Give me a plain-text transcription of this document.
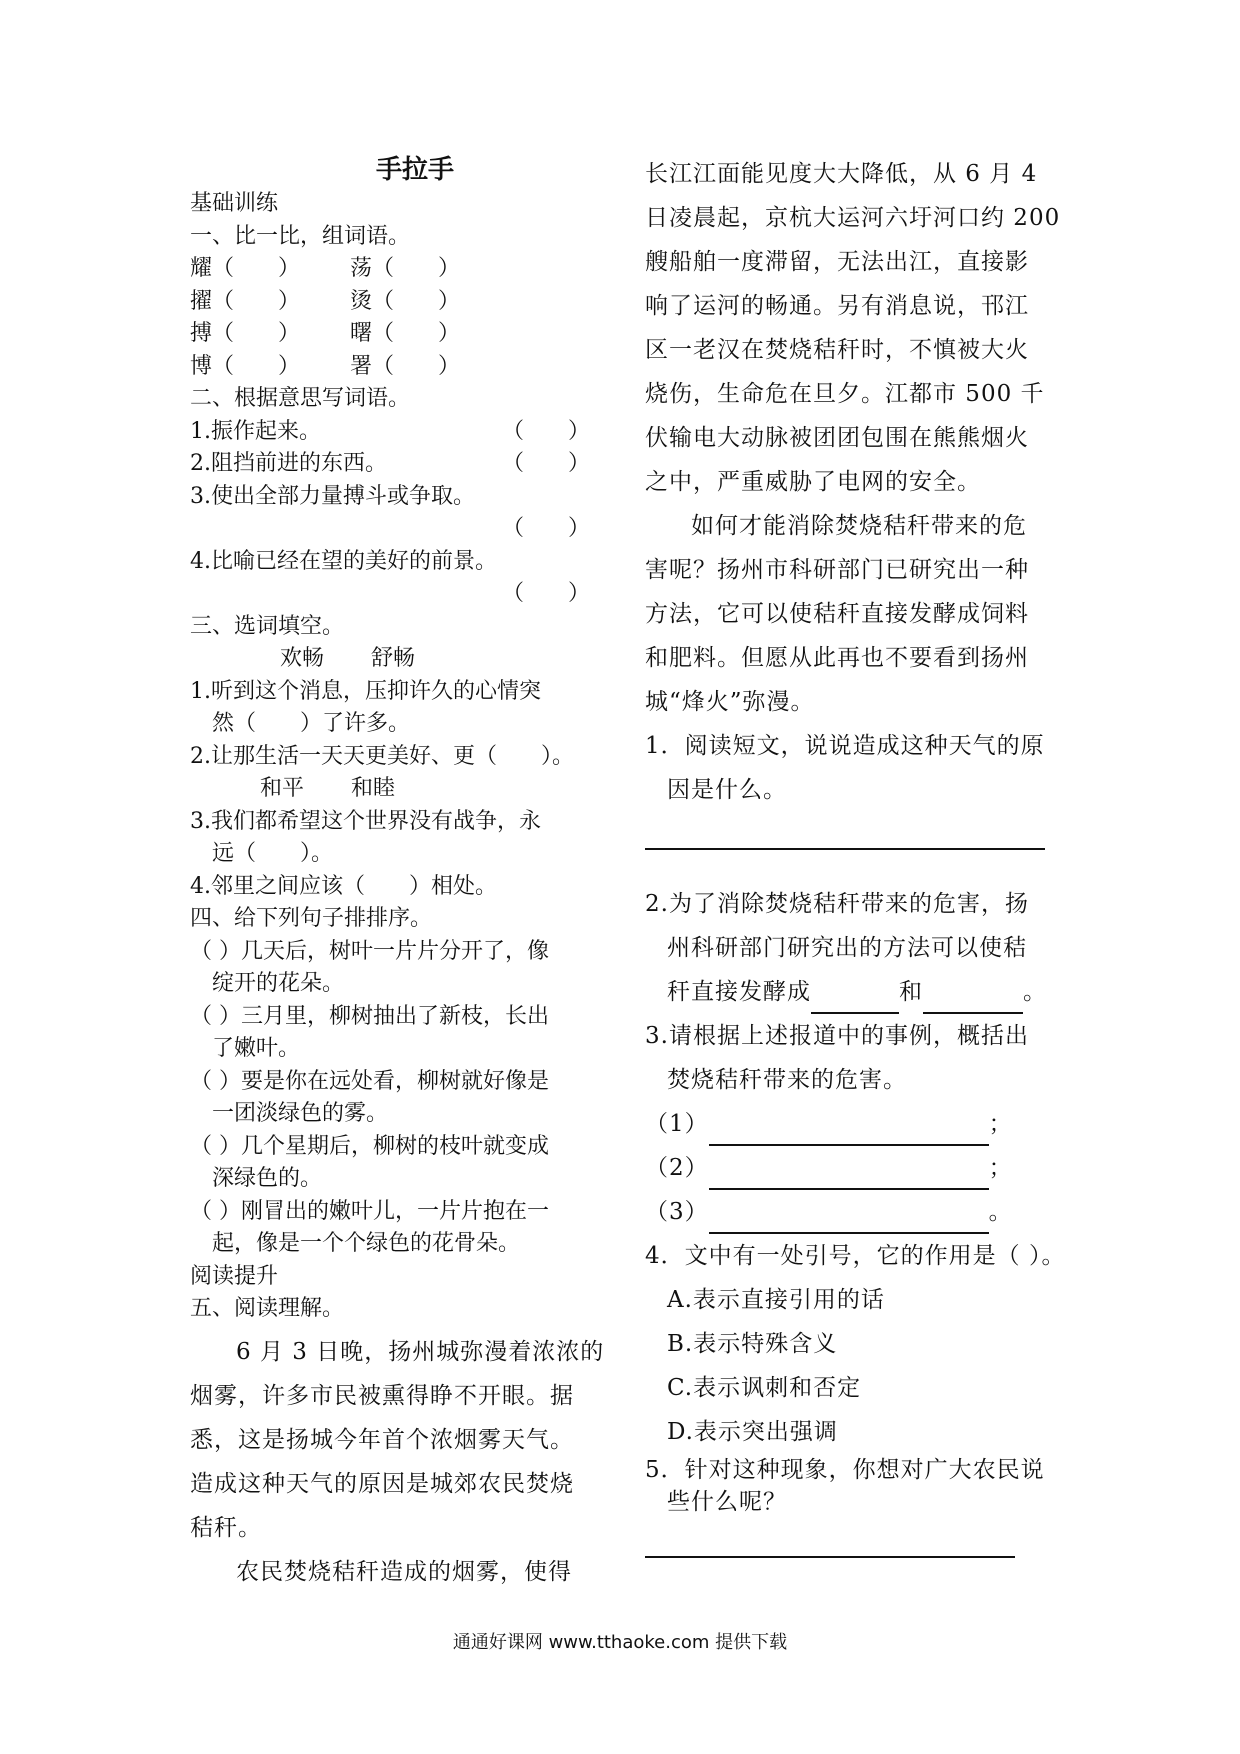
手拉手
基础训练
一、比一比，组词语。
耀（　　）	荡（　　）
擢（　　）	烫（　　）
搏（　　）	曙（　　）
博（　　）	署（　　）
二、根据意思写词语。
1.振作起来。	（　　）
2.阻挡前进的东西。	（　　）
3.使出全部力量搏斗或争取。
（　　）
4.比喻已经在望的美好的前景。
（　　）
三、选词填空。
欢畅 舒畅
1.听到这个消息，压抑许久的心情突
然（　　）了许多。
2.让那生活一天天更美好、更（　　）。
和平 和睦
3.我们都希望这个世界没有战争，永
远（　　）。
4.邻里之间应该（　　）相处。
四、给下列句子排排序。
（ ）几天后，树叶一片片分开了，像
绽开的花朵。
（ ）三月里，柳树抽出了新枝，长出
了嫩叶。
（ ）要是你在远处看，柳树就好像是
一团淡绿色的雾。
（ ）几个星期后，柳树的枝叶就变成
深绿色的。
（ ）刚冒出的嫩叶儿，一片片抱在一
起，像是一个个绿色的花骨朵。
阅读提升
五、阅读理解。
6 月 3 日晚，扬州城弥漫着浓浓的
烟雾，许多市民被熏得睁不开眼。据
悉，这是扬城今年首个浓烟雾天气。
造成这种天气的原因是城郊农民焚烧
秸秆。
农民焚烧秸秆造成的烟雾，使得
长江江面能见度大大降低，从 6 月 4
日凌晨起，京杭大运河六圩河口约 200
艘船舶一度滞留，无法出江，直接影
响了运河的畅通。另有消息说，邗江
区一老汉在焚烧秸秆时，不慎被大火
烧伤，生命危在旦夕。江都市 500 千
伏输电大动脉被团团包围在熊熊烟火
之中，严重威胁了电网的安全。
如何才能消除焚烧秸秆带来的危
害呢？扬州市科研部门已研究出一种
方法，它可以使秸秆直接发酵成饲料
和肥料。但愿从此再也不要看到扬州
城“烽火”弥漫。
1．阅读短文，说说造成这种天气的原
因是什么。
2.为了消除焚烧秸秆带来的危害，扬
州科研部门研究出的方法可以使秸
秆直接发酵成	和	。
3.请根据上述报道中的事例，概括出
焚烧秸秆带来的危害。
（1）	；
（2）	；
（3）	。
4．文中有一处引号，它的作用是（ ）。
A.表示直接引用的话
B.表示特殊含义
C.表示讽刺和否定
D.表示突出强调
5．针对这种现象，你想对广大农民说
些什么呢？
通通好课网 www.tthaoke.com 提供下载
